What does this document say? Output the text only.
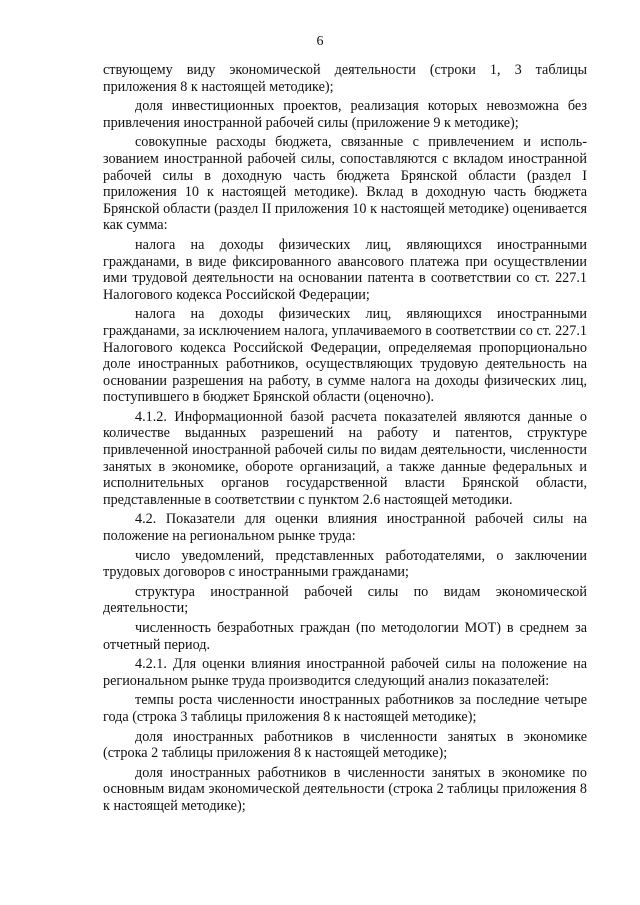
6

ствующему виду экономической деятельности (строки 1, 3 таблицы приложения 8 к настоящей методике);

доля инвестиционных проектов, реализация которых невозможна без привлечения иностранной рабочей силы (приложение 9 к методике);

совокупные расходы бюджета, связанные с привлечением и использованием иностранной рабочей силы, сопоставляются с вкладом иностранной рабочей силы в доходную часть бюджета Брянской области (раздел I приложения 10 к настоящей методике). Вклад в доходную часть бюджета Брянской области (раздел II приложения 10 к настоящей методике) оценивается как сумма:

налога на доходы физических лиц, являющихся иностранными гражданами, в виде фиксированного авансового платежа при осуществлении ими трудовой деятельности на основании патента в соответствии со ст. 227.1 Налогового кодекса Российской Федерации;

налога на доходы физических лиц, являющихся иностранными гражданами, за исключением налога, уплачиваемого в соответствии со ст. 227.1 Налогового кодекса Российской Федерации, определяемая пропорционально доле иностранных работников, осуществляющих трудовую деятельность на основании разрешения на работу, в сумме налога на доходы физических лиц, поступившего в бюджет Брянской области (оценочно).

4.1.2. Информационной базой расчета показателей являются данные о количестве выданных разрешений на работу и патентов, структуре привлеченной иностранной рабочей силы по видам деятельности, численности занятых в экономике, обороте организаций, а также данные федеральных и исполнительных органов государственной власти Брянской области, представленные в соответствии с пунктом 2.6 настоящей методики.

4.2. Показатели для оценки влияния иностранной рабочей силы на положение на региональном рынке труда:

число уведомлений, представленных работодателями, о заключении трудовых договоров с иностранными гражданами;

структура иностранной рабочей силы по видам экономической деятельности;

численность безработных граждан (по методологии МОТ) в среднем за отчетный период.

4.2.1. Для оценки влияния иностранной рабочей силы на положение на региональном рынке труда производится следующий анализ показателей:

темпы роста численности иностранных работников за последние четыре года (строка 3 таблицы приложения 8 к настоящей методике);

доля иностранных работников в численности занятых в экономике (строка 2 таблицы приложения 8 к настоящей методике);

доля иностранных работников в численности занятых в экономике по основным видам экономической деятельности (строка 2 таблицы приложения 8 к настоящей методике);
